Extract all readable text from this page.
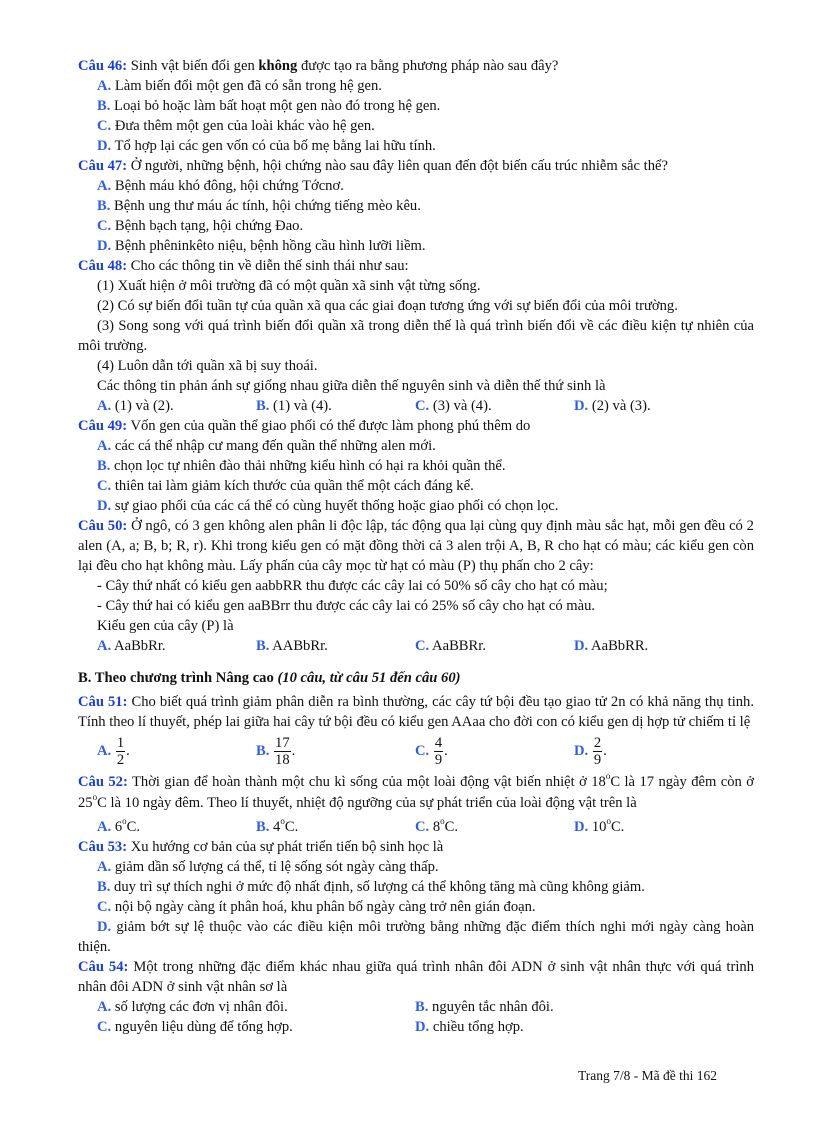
Câu 46: Sinh vật biến đổi gen không được tạo ra bằng phương pháp nào sau đây?

A. Làm biến đổi một gen đã có sẵn trong hệ gen.

B. Loại bỏ hoặc làm bất hoạt một gen nào đó trong hệ gen.

C. Đưa thêm một gen của loài khác vào hệ gen.

D. Tổ hợp lại các gen vốn có của bố mẹ bằng lai hữu tính.

Câu 47: Ở người, những bệnh, hội chứng nào sau đây liên quan đến đột biến cấu trúc nhiễm sắc thể?

A. Bệnh máu khó đông, hội chứng Tớcnơ.

B. Bệnh ung thư máu ác tính, hội chứng tiếng mèo kêu.

C. Bệnh bạch tạng, hội chứng Đao.

D. Bệnh phêninkêto niệu, bệnh hồng cầu hình lưỡi liềm.

Câu 48: Cho các thông tin về diễn thế sinh thái như sau:

(1) Xuất hiện ở môi trường đã có một quần xã sinh vật từng sống.

(2) Có sự biến đổi tuần tự của quần xã qua các giai đoạn tương ứng với sự biến đổi của môi trường.

(3) Song song với quá trình biến đổi quần xã trong diễn thế là quá trình biến đổi về các điều kiện tự nhiên của môi trường.

(4) Luôn dẫn tới quần xã bị suy thoái.

Các thông tin phản ánh sự giống nhau giữa diễn thế nguyên sinh và diễn thế thứ sinh là

A. (1) và (2).	B. (1) và (4).	C. (3) và (4).	D. (2) và (3).

Câu 49: Vốn gen của quần thể giao phối có thể được làm phong phú thêm do

A. các cá thể nhập cư mang đến quần thể những alen mới.

B. chọn lọc tự nhiên đào thải những kiểu hình có hại ra khỏi quần thể.

C. thiên tai làm giảm kích thước của quần thể một cách đáng kể.

D. sự giao phối của các cá thể có cùng huyết thống hoặc giao phối có chọn lọc.

Câu 50: Ở ngô, có 3 gen không alen phân li độc lập, tác động qua lại cùng quy định màu sắc hạt, mỗi gen đều có 2 alen (A, a; B, b; R, r). Khi trong kiểu gen có mặt đồng thời cả 3 alen trội A, B, R cho hạt có màu; các kiểu gen còn lại đều cho hạt không màu. Lấy phấn của cây mọc từ hạt có màu (P) thụ phấn cho 2 cây:

- Cây thứ nhất có kiểu gen aabbRR thu được các cây lai có 50% số cây cho hạt có màu;

- Cây thứ hai có kiểu gen aaBBrr thu được các cây lai có 25% số cây cho hạt có màu.

Kiểu gen của cây (P) là

A. AaBbRr.	B. AABbRr.	C. AaBBRr.	D. AaBbRR.

B. Theo chương trình Nâng cao (10 câu, từ câu 51 đến câu 60)

Câu 51: Cho biết quá trình giảm phân diễn ra bình thường, các cây tứ bội đều tạo giao tử 2n có khả năng thụ tinh. Tính theo lí thuyết, phép lai giữa hai cây tứ bội đều có kiểu gen AAaa cho đời con có kiểu gen dị hợp tử chiếm tỉ lệ

A.
$\frac{1}{2}$ .	B.
$\frac{17}{18}$ .	C.
$\frac{4}{9}$ .	D.
$\frac{2}{9}$ .

Câu 52: Thời gian để hoàn thành một chu kì sống của một loài động vật biến nhiệt ở 18$^o$C là 17 ngày đêm còn ở 25$^o$C là 10 ngày đêm. Theo lí thuyết, nhiệt độ ngưỡng của sự phát triển của loài động vật trên là

A. 6$^o$C.	B. 4$^o$C.	C. 8$^o$C.	D. 10$^o$C.

Câu 53: Xu hướng cơ bản của sự phát triển tiến bộ sinh học là

A. giảm dần số lượng cá thể, tỉ lệ sống sót ngày càng thấp.

B. duy trì sự thích nghi ở mức độ nhất định, số lượng cá thể không tăng mà cũng không giảm.

C. nội bộ ngày càng ít phân hoá, khu phân bố ngày càng trở nên gián đoạn.

D. giảm bớt sự lệ thuộc vào các điều kiện môi trường bằng những đặc điểm thích nghi mới ngày càng hoàn thiện.

Câu 54: Một trong những đặc điểm khác nhau giữa quá trình nhân đôi ADN ở sinh vật nhân thực với quá trình nhân đôi ADN ở sinh vật nhân sơ là

A. số lượng các đơn vị nhân đôi.	B. nguyên tắc nhân đôi.
C. nguyên liệu dùng để tổng hợp.	D. chiều tổng hợp.
Trang 7/8 - Mã đề thi 162
